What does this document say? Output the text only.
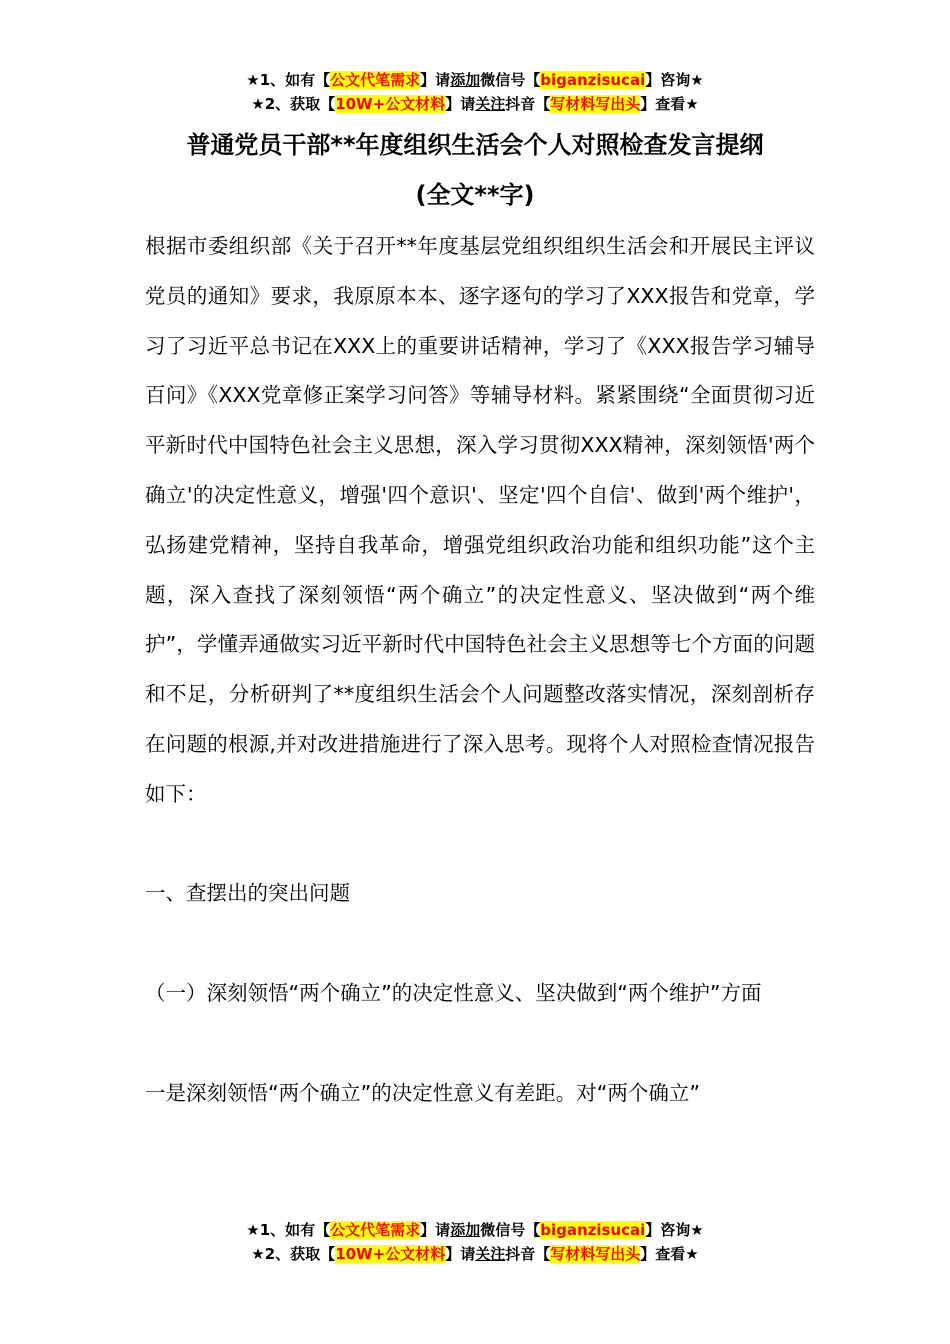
★1、如有【公文代笔需求】请添加微信号【biganzisucai】咨询★
★2、获取【10W+公文材料】请关注抖音【写材料写出头】查看★
普通党员干部**年度组织生活会个人对照检查发言提纲
(全文**字)

根据市委组织部《关于召开**年度基层党组织组织生活会和开展民主评议党员的通知》要求，我原原本本、逐字逐句的学习了XXX报告和党章，学习了习近平总书记在XXX上的重要讲话精神，学习了《XXX报告学习辅导百问》《XXX党章修正案学习问答》等辅导材料。紧紧围绕“全面贯彻习近平新时代中国特色社会主义思想，深入学习贯彻XXX精神，深刻领悟'两个确立'的决定性意义，增强'四个意识'、坚定'四个自信'、做到'两个维护'，弘扬建党精神，坚持自我革命，增强党组织政治功能和组织功能”这个主题，深入查找了深刻领悟“两个确立”的决定性意义、坚决做到“两个维护”，学懂弄通做实习近平新时代中国特色社会主义思想等七个方面的问题和不足，分析研判了**度组织生活会个人问题整改落实情况，深刻剖析存在问题的根源,并对改进措施进行了深入思考。现将个人对照检查情况报告如下：

一、查摆出的突出问题

（一）深刻领悟“两个确立”的决定性意义、坚决做到“两个维护”方面

一是深刻领悟“两个确立”的决定性意义有差距。对“两个确立”

★1、如有【公文代笔需求】请添加微信号【biganzisucai】咨询★
★2、获取【10W+公文材料】请关注抖音【写材料写出头】查看★
